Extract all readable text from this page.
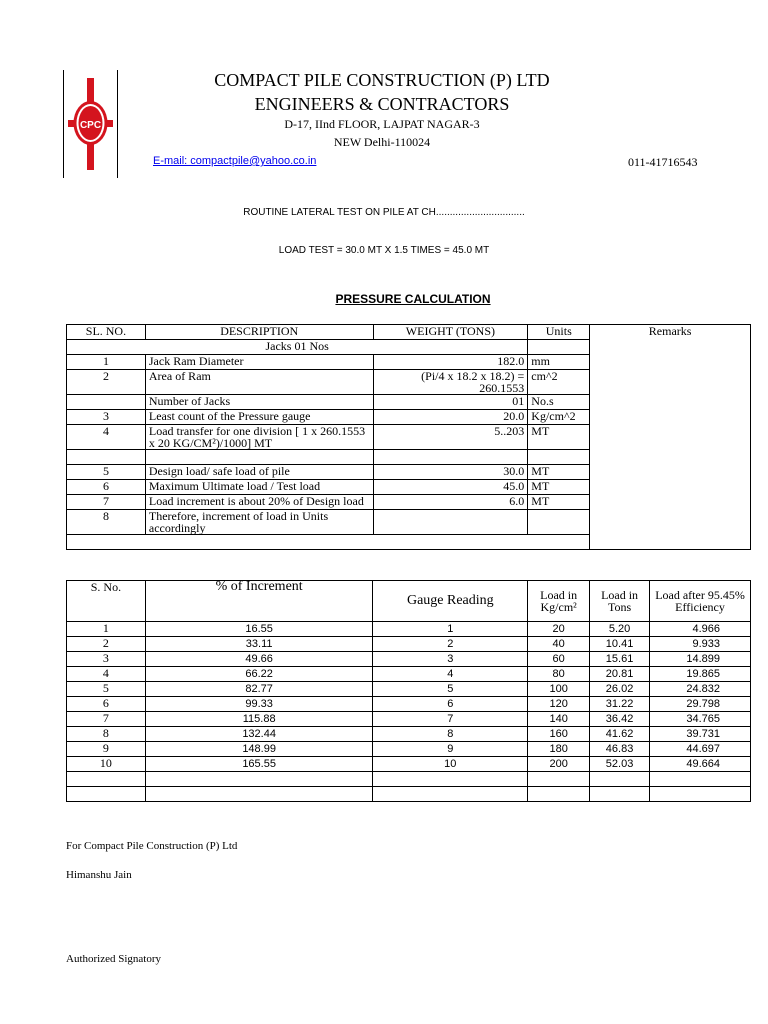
CPC
COMPACT PILE CONSTRUCTION (P) LTD
ENGINEERS & CONTRACTORS
D-17, IInd FLOOR, LAJPAT NAGAR-3
NEW Delhi-110024
E-mail: compactpile@yahoo.co.in	011-41716543
ROUTINE LATERAL TEST ON PILE AT CH................................
LOAD TEST = 30.0 MT X 1.5 TIMES = 45.0 MT
PRESSURE CALCULATION
SL. NO.	DESCRIPTION	WEIGHT (TONS)	Units	Remarks
Jacks 01 Nos				
1	Jack Ram Diameter	182.0	mm	
2	Area of Ram	(Pi/4 x 18.2 x 18.2) = 260.1553	cm^2	
	Number of Jacks	01	No.s	
3	Least count of the Pressure gauge	20.0	Kg/cm^2	
4	Load transfer for one division [ 1 x 260.1553 x 20 KG/CM²)/1000] MT	5..203	MT	

5	Design load/ safe load of pile	30.0	MT	
6	Maximum Ultimate load / Test load	45.0	MT	
7	Load increment is about 20% of Design load	6.0	MT	
8	Therefore, increment of load in Units accordingly			

S. No.	% of Increment	Gauge Reading	Load in Kg/cm²	Load in Tons	Load after 95.45% Efficiency
1	16.55	1	20	5.20	4.966
2	33.11	2	40	10.41	9.933
3	49.66	3	60	15.61	14.899
4	66.22	4	80	20.81	19.865
5	82.77	5	100	26.02	24.832
6	99.33	6	120	31.22	29.798
7	115.88	7	140	36.42	34.765
8	132.44	8	160	41.62	39.731
9	148.99	9	180	46.83	44.697
10	165.55	10	200	52.03	49.664

For Compact Pile Construction (P) Ltd
Himanshu Jain
Authorized Signatory
